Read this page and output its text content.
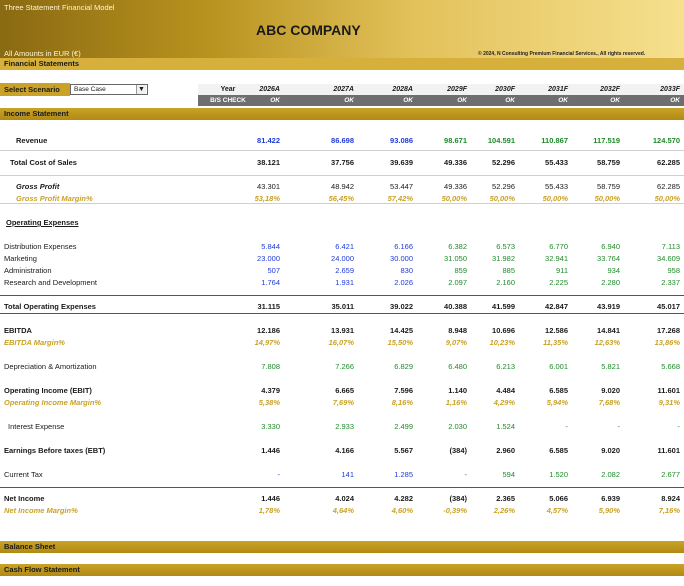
Three Statement Financial Model
ABC COMPANY
All Amounts in EUR (€)	© 2024, N Consulting Premium Financial Services., All rights reserved.
Financial Statements
Select Scenario	Base Case	▼	Year	2026A	2027A	2028A	2029F	2030F	2031F	2032F	2033F
B/S CHECK	OK	OK	OK	OK	OK	OK	OK	OK
Income Statement
Revenue	81.422	86.698	93.086	98.671	104.591	110.867	117.519	124.570
Total Cost of Sales	38.121	37.756	39.639	49.336	52.296	55.433	58.759	62.285
Gross Profit	43.301	48.942	53.447	49.336	52.296	55.433	58.759	62.285
Gross Profit Margin%	53,18%	56,45%	57,42%	50,00%	50,00%	50,00%	50,00%	50,00%
Operating Expenses
Distribution Expenses	5.844	6.421	6.166	6.382	6.573	6.770	6.940	7.113
Marketing	23.000	24.000	30.000	31.050	31.982	32.941	33.764	34.609
Administration	507	2.659	830	859	885	911	934	958
Research and Development	1.764	1.931	2.026	2.097	2.160	2.225	2.280	2.337
Total Operating Expenses	31.115	35.011	39.022	40.388	41.599	42.847	43.919	45.017
EBITDA	12.186	13.931	14.425	8.948	10.696	12.586	14.841	17.268
EBITDA Margin%	14,97%	16,07%	15,50%	9,07%	10,23%	11,35%	12,63%	13,86%
Depreciation & Amortization	7.808	7.266	6.829	6.480	6.213	6.001	5.821	5.668
Operating Income (EBIT)	4.379	6.665	7.596	1.140	4.484	6.585	9.020	11.601
Operating Income Margin%	5,38%	7,69%	8,16%	1,16%	4,29%	5,94%	7,68%	9,31%
Interest Expense	3.330	2.933	2.499	2.030	1.524	-	-	-
Earnings Before taxes (EBT)	1.446	4.166	5.567	(384)	2.960	6.585	9.020	11.601
Current Tax	-	141	1.285	-	594	1.520	2.082	2.677
Net Income	1.446	4.024	4.282	(384)	2.365	5.066	6.939	8.924
Net Income Margin%	1,78%	4,64%	4,60%	-0,39%	2,26%	4,57%	5,90%	7,16%
Balance Sheet
Cash Flow Statement
